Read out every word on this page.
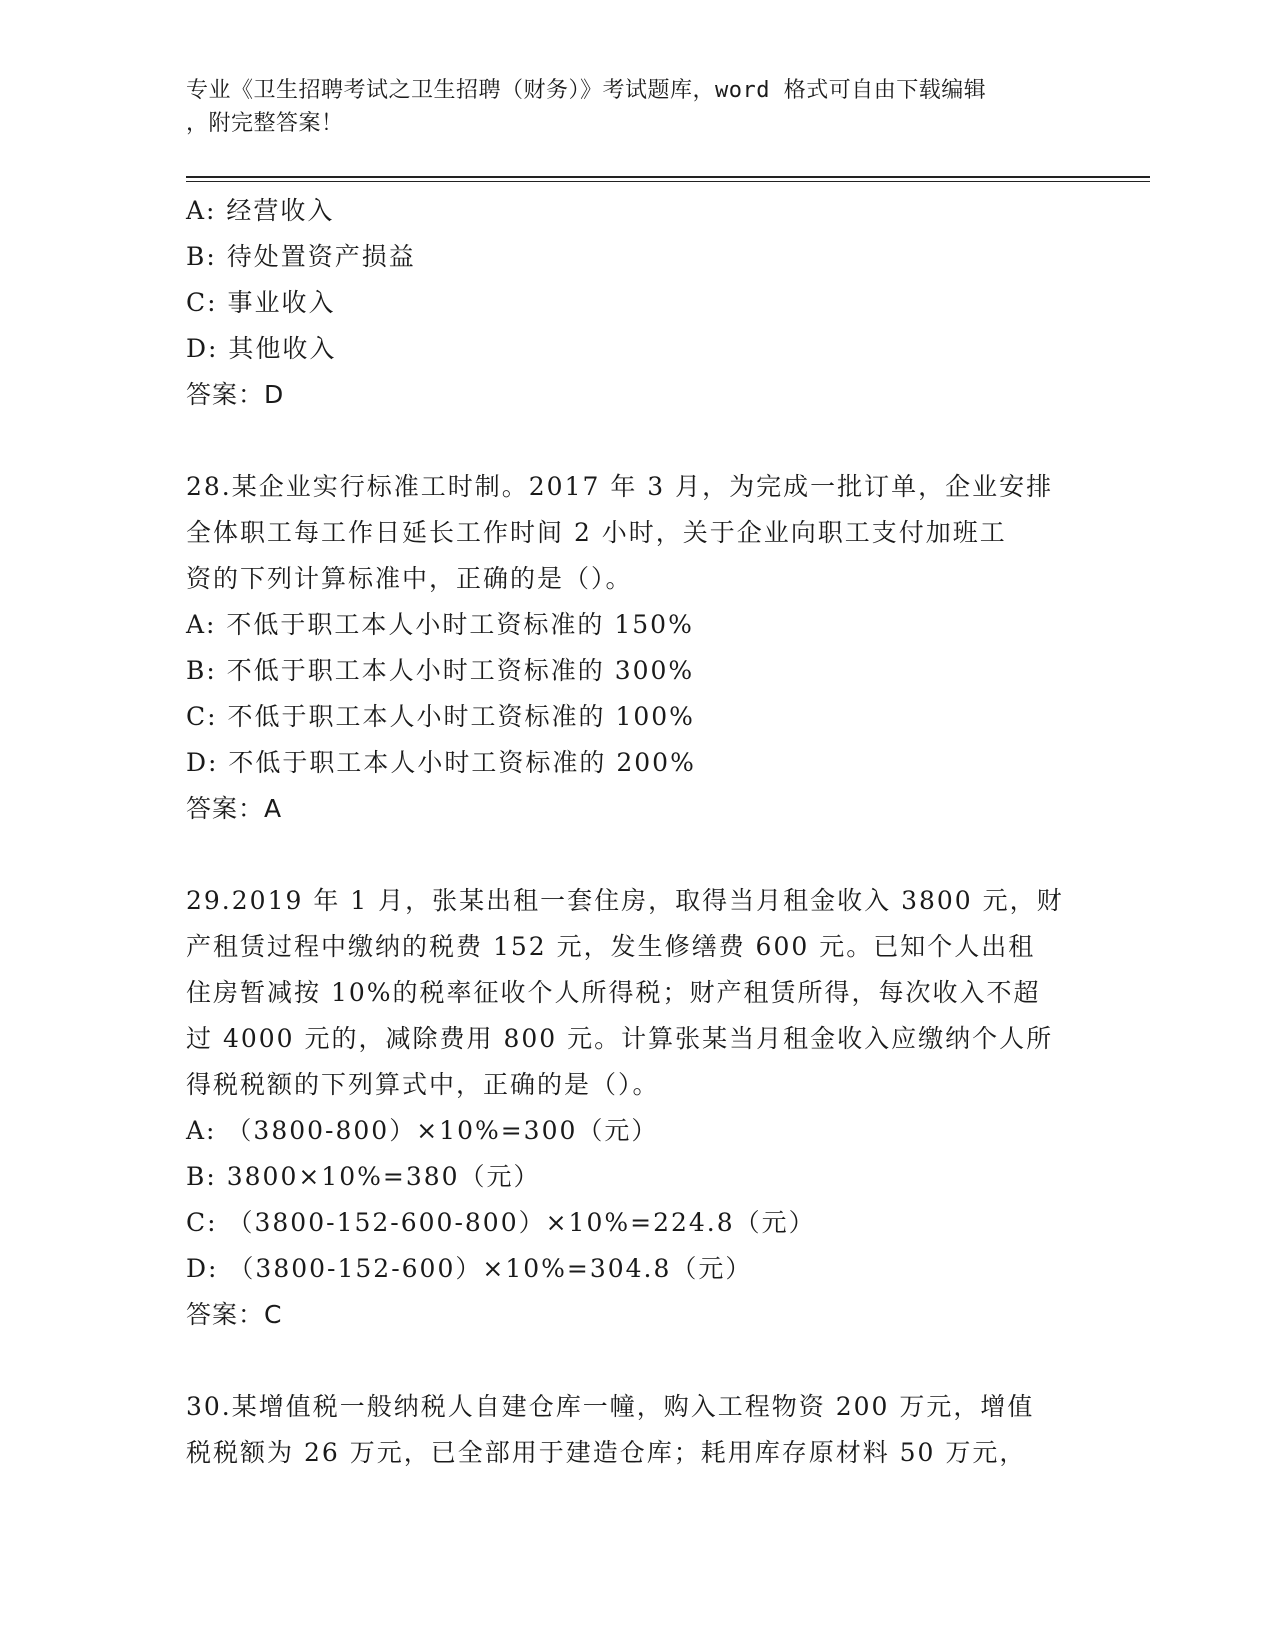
专业《卫生招聘考试之卫生招聘（财务）》考试题库，word 格式可自由下载编辑
，附完整答案！
A: 经营收入
B: 待处置资产损益
C: 事业收入
D: 其他收入
答案：D
28.某企业实行标准工时制。2017 年 3 月，为完成一批订单，企业安排
全体职工每工作日延长工作时间 2 小时，关于企业向职工支付加班工
资的下列计算标准中，正确的是（）。
A: 不低于职工本人小时工资标准的 150%
B: 不低于职工本人小时工资标准的 300%
C: 不低于职工本人小时工资标准的 100%
D: 不低于职工本人小时工资标准的 200%
答案：A
29.2019 年 1 月，张某出租一套住房，取得当月租金收入 3800 元，财
产租赁过程中缴纳的税费 152 元，发生修缮费 600 元。已知个人出租
住房暂减按 10%的税率征收个人所得税；财产租赁所得，每次收入不超
过 4000 元的，减除费用 800 元。计算张某当月租金收入应缴纳个人所
得税税额的下列算式中，正确的是（）。
A: （3800-800）×10%=300（元）
B: 3800×10%=380（元）
C: （3800-152-600-800）×10%=224.8（元）
D: （3800-152-600）×10%=304.8（元）
答案：C
30.某增值税一般纳税人自建仓库一幢，购入工程物资 200 万元，增值
税税额为 26 万元，已全部用于建造仓库；耗用库存原材料 50 万元，
